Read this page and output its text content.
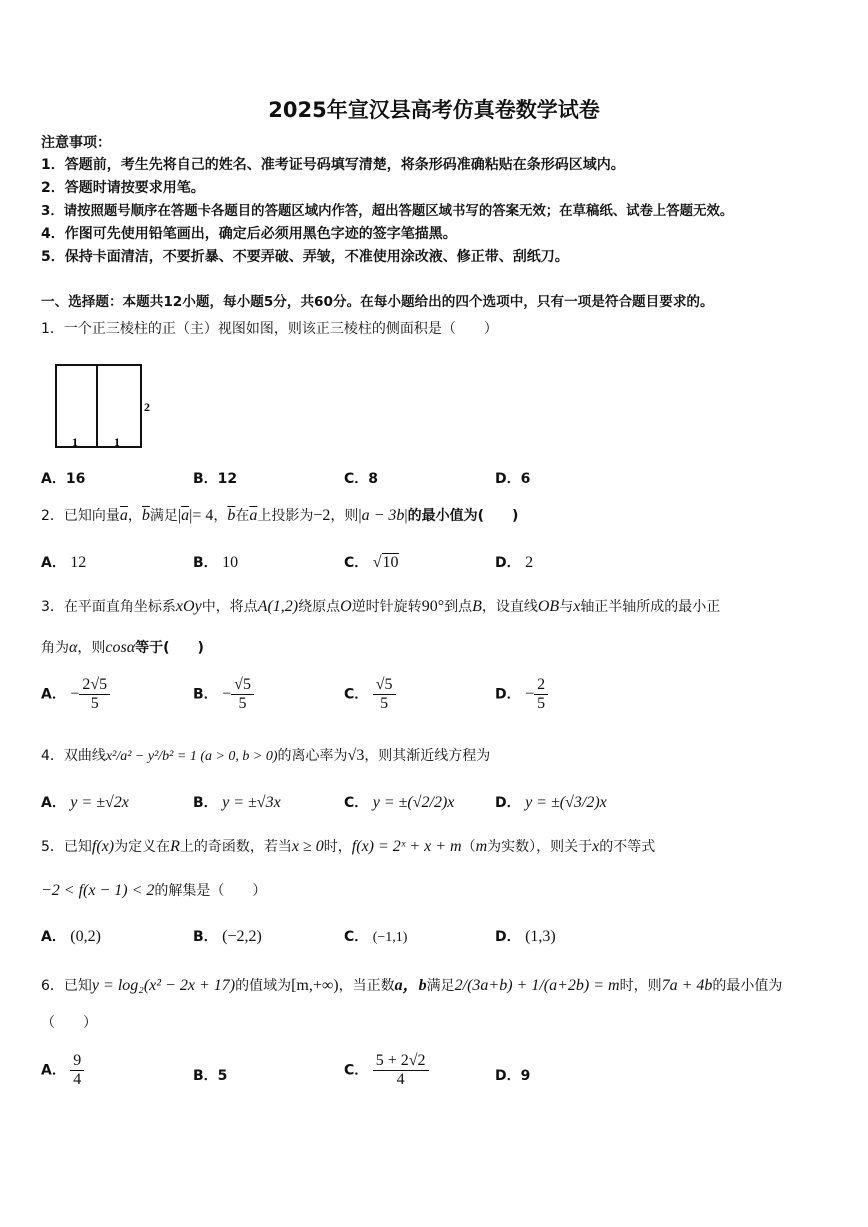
2025年宣汉县高考仿真卷数学试卷
注意事项：
1．答题前，考生先将自己的姓名、准考证号码填写清楚，将条形码准确粘贴在条形码区域内。
2．答题时请按要求用笔。
3．请按照题号顺序在答题卡各题目的答题区域内作答，超出答题区域书写的答案无效；在草稿纸、试卷上答题无效。
4．作图可先使用铅笔画出，确定后必须用黑色字迹的签字笔描黑。
5．保持卡面清洁，不要折暴、不要弄破、弄皱，不准使用涂改液、修正带、刮纸刀。
一、选择题：本题共12小题，每小题5分，共60分。在每小题给出的四个选项中，只有一项是符合题目要求的。
1．一个正三棱柱的正（主）视图如图，则该正三棱柱的侧面积是（　　）
2
1	1
A．16	B．12	C．8	D．6
2．已知向量$\overline{a}$，$\overline{b}$满足$|\overline{a}|= 4$，$\overline{b}$在$\overline{a}$上投影为−2，则|a − 3b|的最小值为(　　)
A． 12	B． 10	C． √10	D． 2
3．在平面直角坐标系xOy中，将点A(1,2)绕原点O逆时针旋转90°到点B，设直线OB与x轴正半轴所成的最小正
角为α，则cosα等于(　　)
A． − $\frac{2√5}{5}$	B． − $\frac{√5}{5}$	C． $\frac{√5}{5}$	D． − $\frac{2}{5}$
4．双曲线x²/a² − y²/b² = 1 (a > 0, b > 0)的离心率为√3，则其渐近线方程为
A． y = ±√2x	B． y = ±√3x	C． y = ±(√2/2)x	D． y = ±(√3/2)x
5．已知f(x)为定义在R上的奇函数，若当x ≥ 0时，f(x) = 2ˣ + x + m（m为实数），则关于x的不等式
−2 < f(x − 1) < 2的解集是（　　）
A． (0,2)	B． (−2,2)	C． (−1,1)	D． (1,3)
6．已知y = log₂(x² − 2x + 17)的值域为[m,+∞)，当正数a，b满足2/(3a+b) + 1/(a+2b) = m时，则7a + 4b的最小值为
（　　）
A． $\frac{9}{4}$	B．5	C． $\frac{5 + 2√2}{4}$	D．9
